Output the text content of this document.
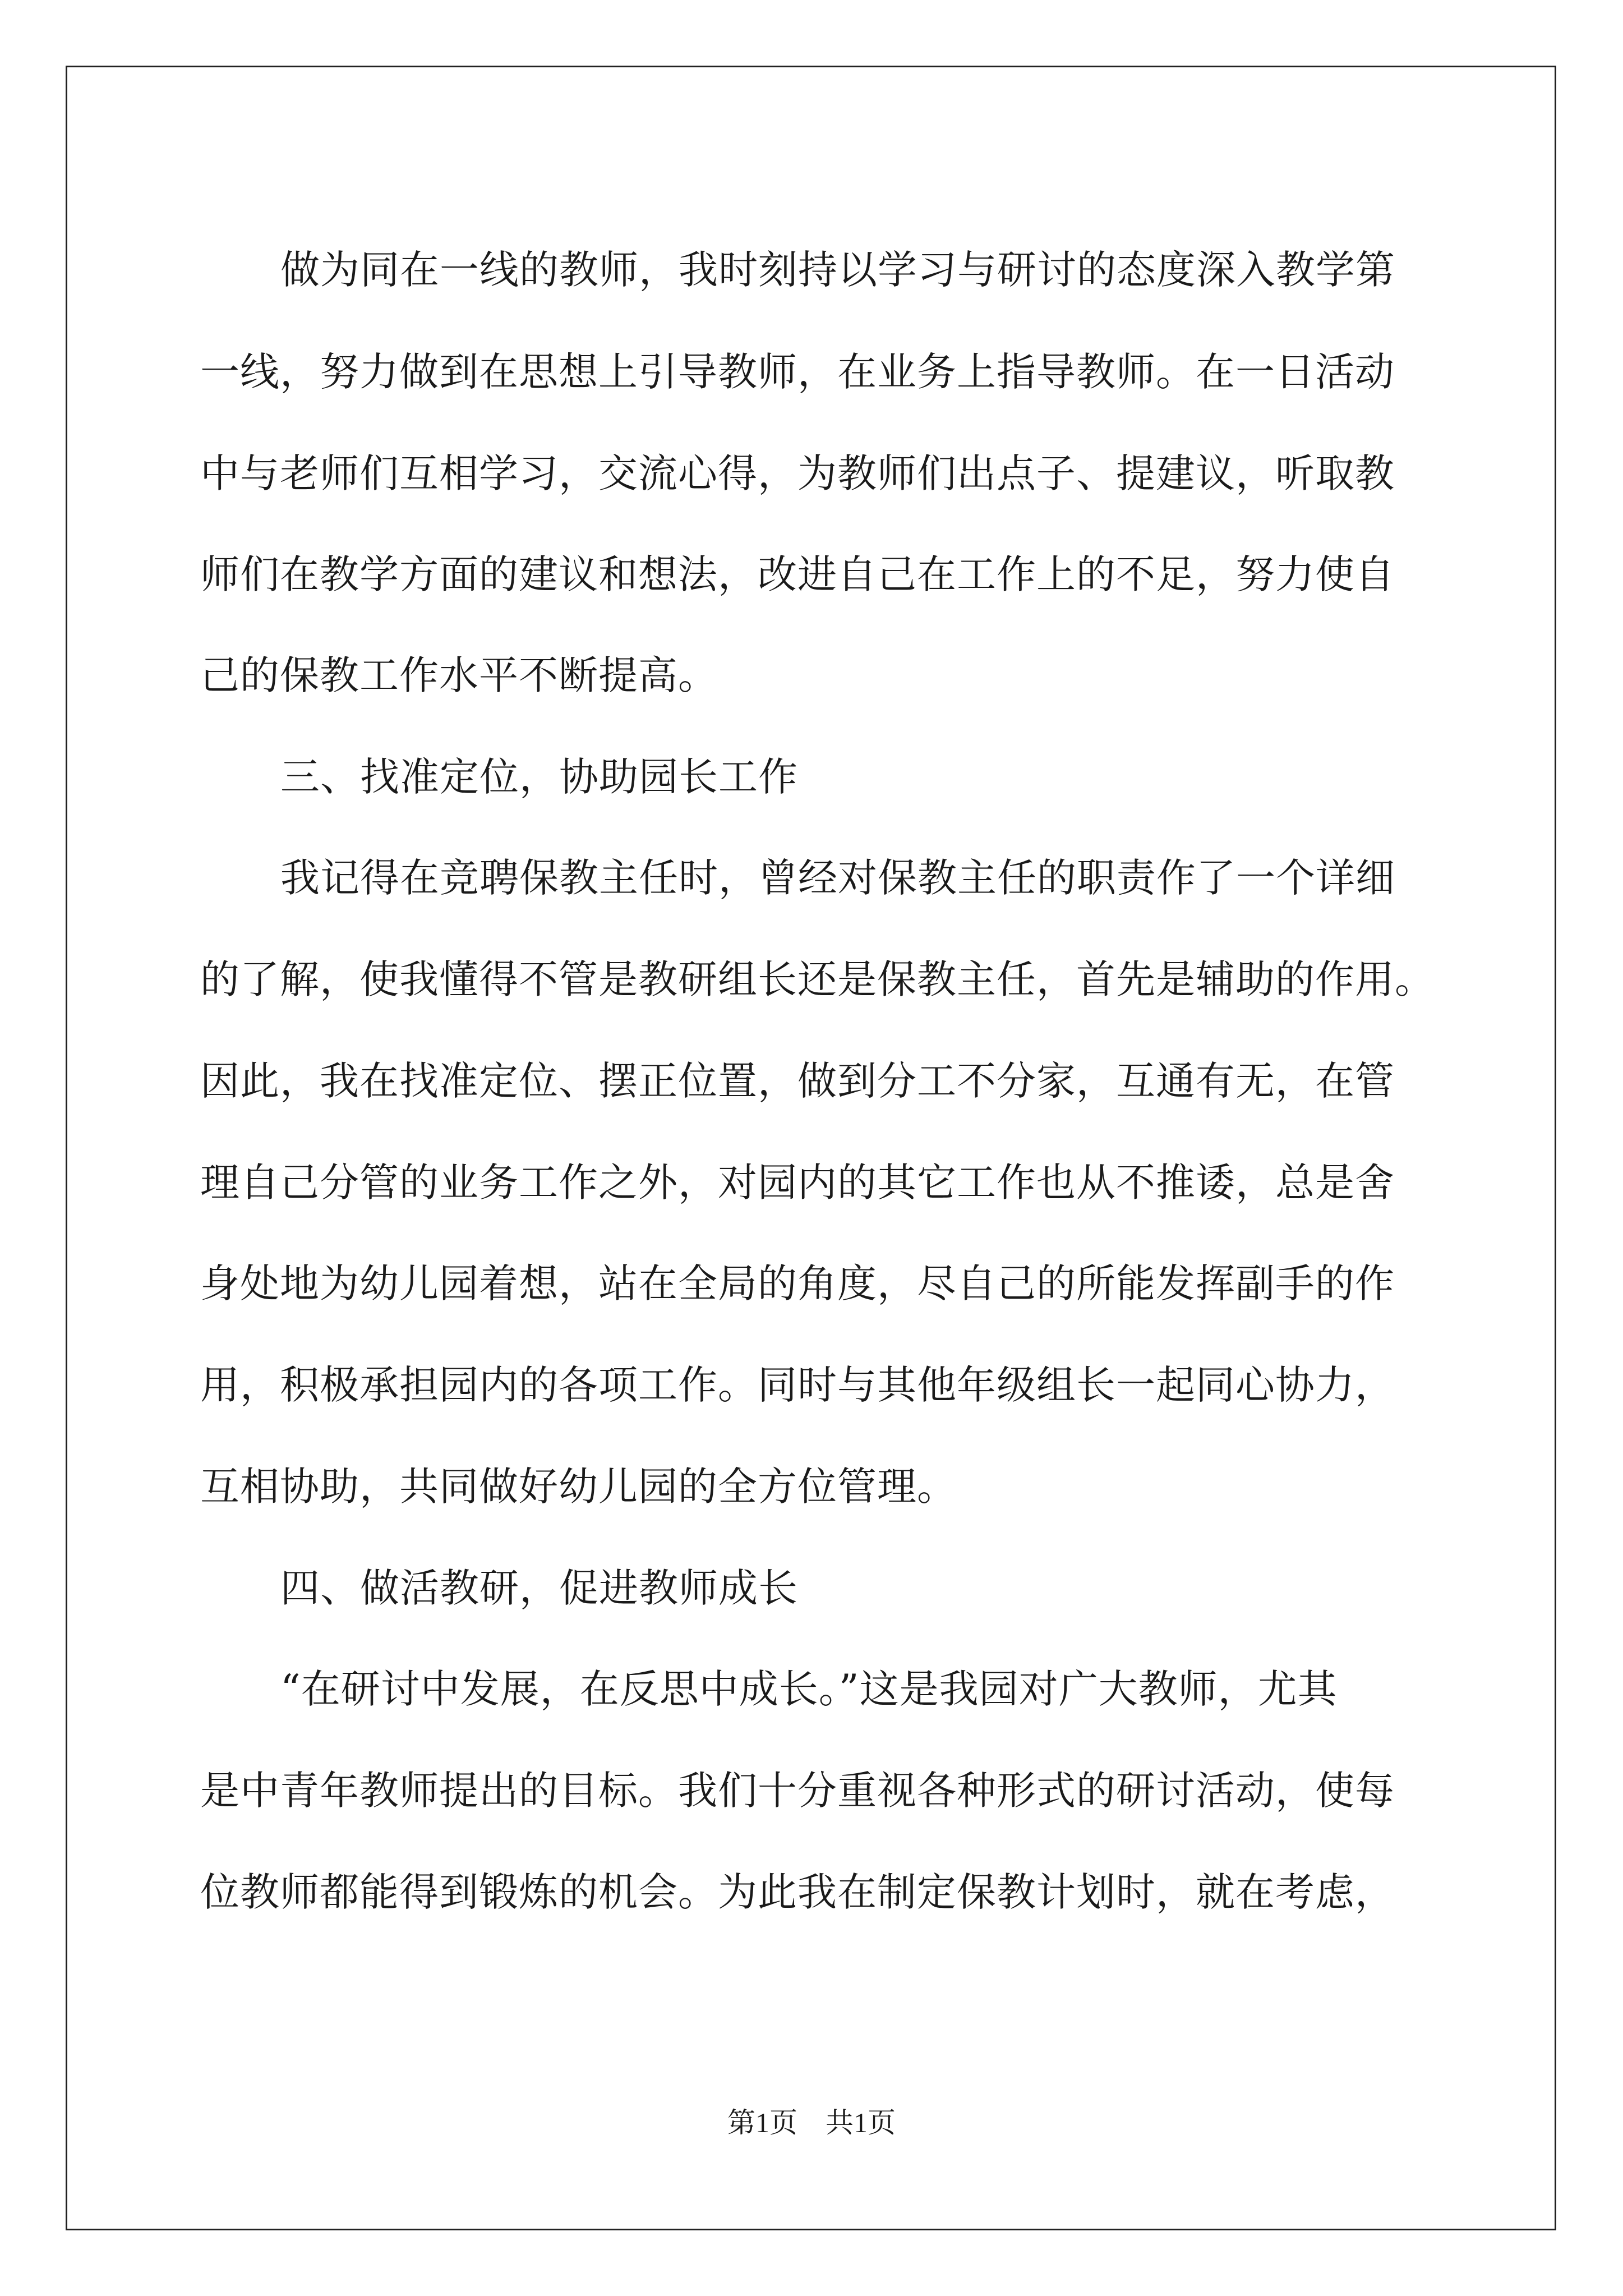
做为同在一线的教师，我时刻持以学习与研讨的态度深入教学第
一线，努力做到在思想上引导教师，在业务上指导教师。在一日活动
中与老师们互相学习，交流心得，为教师们出点子、提建议，听取教
师们在教学方面的建议和想法，改进自己在工作上的不足，努力使自
己的保教工作水平不断提高。
三、找准定位，协助园长工作
我记得在竞聘保教主任时，曾经对保教主任的职责作了一个详细
的了解，使我懂得不管是教研组长还是保教主任，首先是辅助的作用。
因此，我在找准定位、摆正位置，做到分工不分家，互通有无，在管
理自己分管的业务工作之外，对园内的其它工作也从不推诿，总是舍
身处地为幼儿园着想，站在全局的角度，尽自己的所能发挥副手的作
用，积极承担园内的各项工作。同时与其他年级组长一起同心协力，
互相协助，共同做好幼儿园的全方位管理。
四、做活教研，促进教师成长
“在研讨中发展，在反思中成长。”这是我园对广大教师，尤其
是中青年教师提出的目标。我们十分重视各种形式的研讨活动，使每
位教师都能得到锻炼的机会。为此我在制定保教计划时，就在考虑，
第1页　共1页
